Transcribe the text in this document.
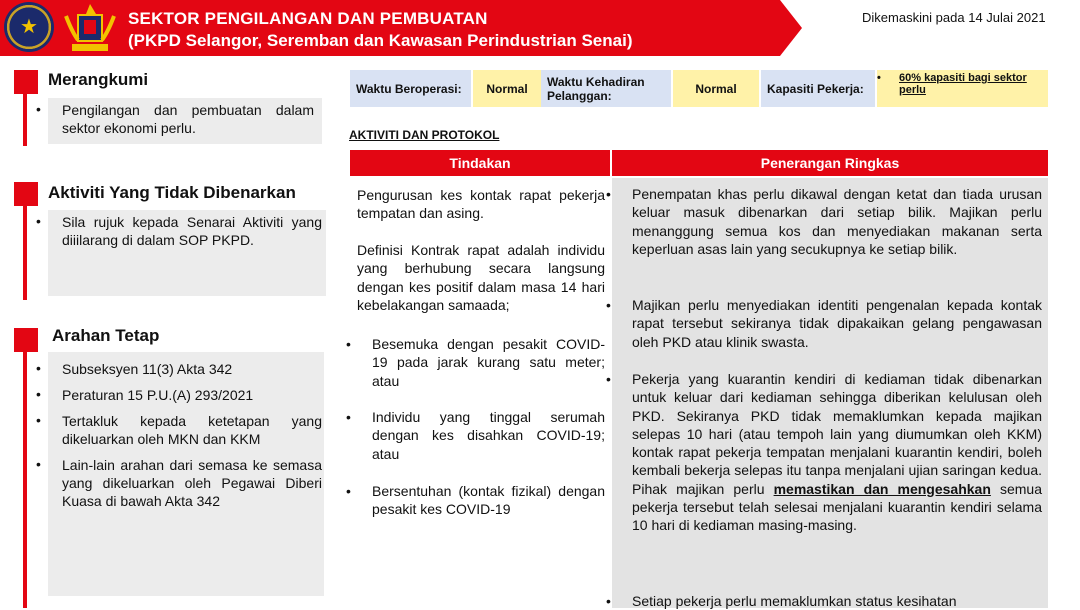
★	SEKTOR PENGILANGAN DAN PEMBUATAN
(PKPD Selangor, Seremban dan Kawasan Perindustrian Senai)
Dikemaskini pada 14 Julai 2021
Merangkumi
• Pengilangan dan pembuatan dalam sektor ekonomi perlu.
Aktiviti Yang Tidak Dibenarkan
• Sila rujuk kepada Senarai Aktiviti yang diiilarang di dalam SOP PKPD.
Arahan Tetap
• Subseksyen 11(3) Akta 342
• Peraturan 15 P.U.(A) 293/2021
• Tertakluk kepada ketetapan yang dikeluarkan oleh MKN dan KKM
• Lain-lain arahan dari semasa ke semasa yang dikeluarkan oleh Pegawai Diberi Kuasa di bawah Akta 342
Waktu Beroperasi:	Normal	Waktu Kehadiran Pelanggan:	Normal	Kapasiti Pekerja:
• 60% kapasiti bagi sektor perlu
AKTIVITI DAN PROTOKOL
Tindakan	Penerangan Ringkas
Pengurusan kes kontak rapat pekerja tempatan dan asing.
Definisi Kontrak rapat adalah individu yang berhubung secara langsung dengan kes positif dalam masa 14 hari kebelakangan samaada;
• Besemuka dengan pesakit COVID-19 pada jarak kurang satu meter; atau
• Individu yang tinggal serumah dengan kes disahkan COVID-19; atau
• Bersentuhan (kontak fizikal) dengan pesakit kes COVID-19
• Penempatan khas perlu dikawal dengan ketat dan tiada urusan keluar masuk dibenarkan dari setiap bilik. Majikan perlu menanggung semua kos dan menyediakan makanan serta keperluan asas lain yang secukupnya ke setiap bilik.
• Majikan perlu menyediakan identiti pengenalan kepada kontak rapat tersebut sekiranya tidak dipakaikan gelang pengawasan oleh PKD atau klinik swasta.
• Pekerja yang kuarantin kendiri di kediaman tidak dibenarkan untuk keluar dari kediaman sehingga diberikan kelulusan oleh PKD. Sekiranya PKD tidak memaklumkan kepada majikan selepas 10 hari (atau tempoh lain yang diumumkan oleh KKM) kontak rapat pekerja tempatan menjalani kuarantin kendiri, boleh kembali bekerja selepas itu tanpa menjalani ujian saringan kedua. Pihak majikan perlu memastikan dan mengesahkan semua pekerja tersebut telah selesai menjalani kuarantin kendiri selama 10 hari di kediaman masing-masing.
• Setiap pekerja perlu memaklumkan status kesihatan
